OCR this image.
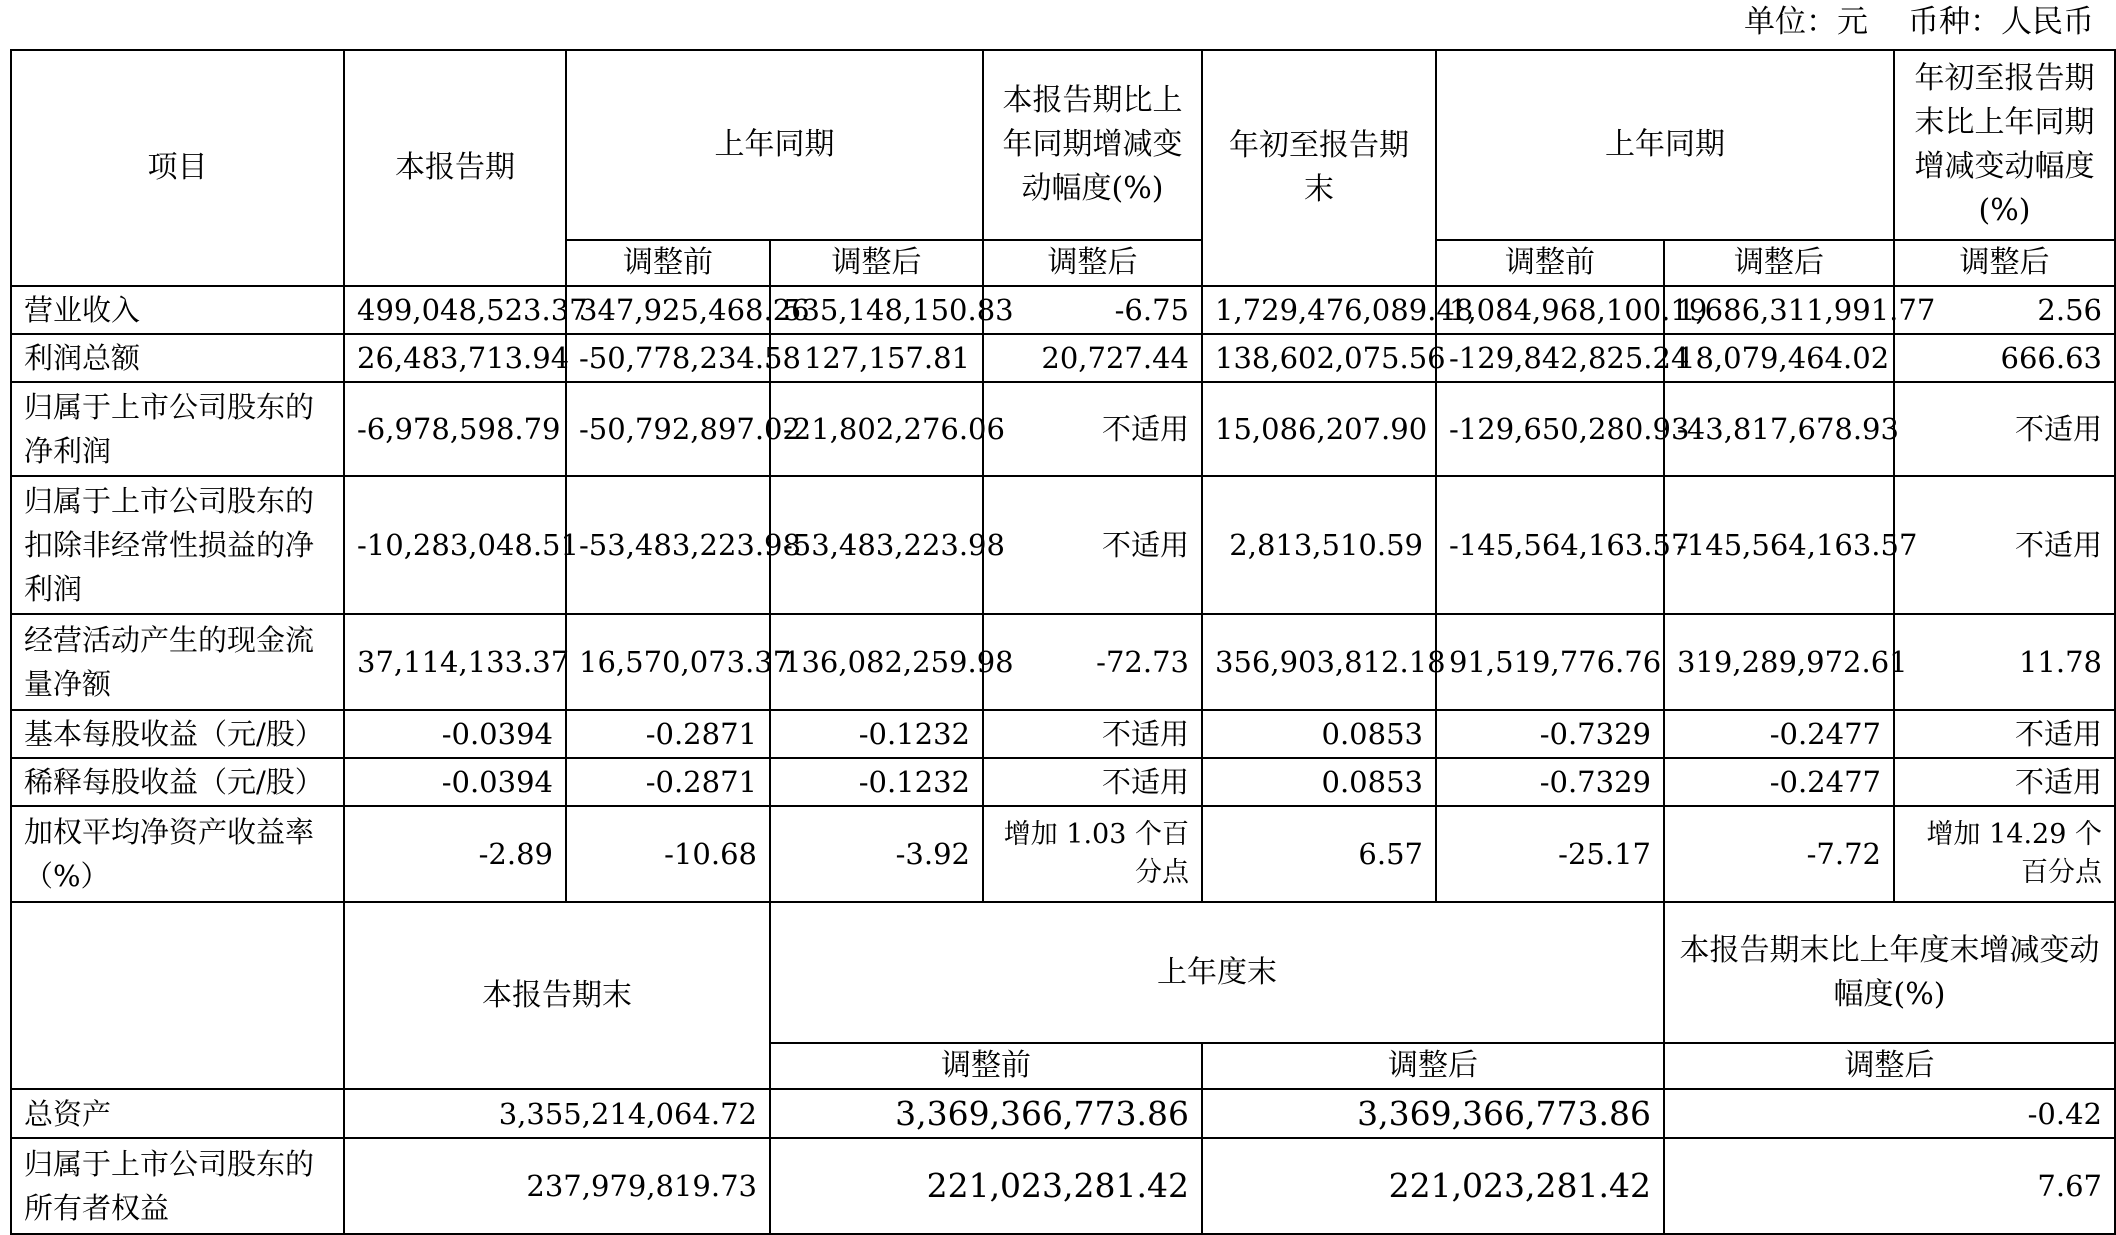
单位：元 币种：人民币
项目	本报告期	上年同期		本报告期比上年同期增减变动幅度(%)	年初至报告期末	上年同期		年初至报告期末比上年同期增减变动幅度(%)
		调整前	调整后	调整后		调整前	调整后	调整后
营业收入	499,048,523.37	347,925,468.26	535,148,150.83	-6.75	1,729,476,089.48	1,084,968,100.19	1,686,311,991.77	2.56
利润总额	26,483,713.94	-50,778,234.58	127,157.81	20,727.44	138,602,075.56	-129,842,825.24	18,079,464.02	666.63
归属于上市公司股东的净利润	-6,978,598.79	-50,792,897.02	-21,802,276.06	不适用	15,086,207.90	-129,650,280.93	-43,817,678.93	不适用
归属于上市公司股东的扣除非经常性损益的净利润	-10,283,048.51	-53,483,223.98	-53,483,223.98	不适用	2,813,510.59	-145,564,163.57	-145,564,163.57	不适用
经营活动产生的现金流量净额	37,114,133.37	16,570,073.37	136,082,259.98	-72.73	356,903,812.18	91,519,776.76	319,289,972.61	11.78
基本每股收益（元/股）	-0.0394	-0.2871	-0.1232	不适用	0.0853	-0.7329	-0.2477	不适用
稀释每股收益（元/股）	-0.0394	-0.2871	-0.1232	不适用	0.0853	-0.7329	-0.2477	不适用
加权平均净资产收益率（%）	-2.89	-10.68	-3.92	增加 1.03 个百分点	6.57	-25.17	-7.72	增加 14.29 个百分点
	本报告期末		上年度末				本报告期末比上年度末增减变动幅度(%)	
			调整前		调整后		调整后	
总资产	3,355,214,064.72		3,369,366,773.86		3,369,366,773.86		-0.42	
归属于上市公司股东的所有者权益	237,979,819.73		221,023,281.42		221,023,281.42		7.67	
